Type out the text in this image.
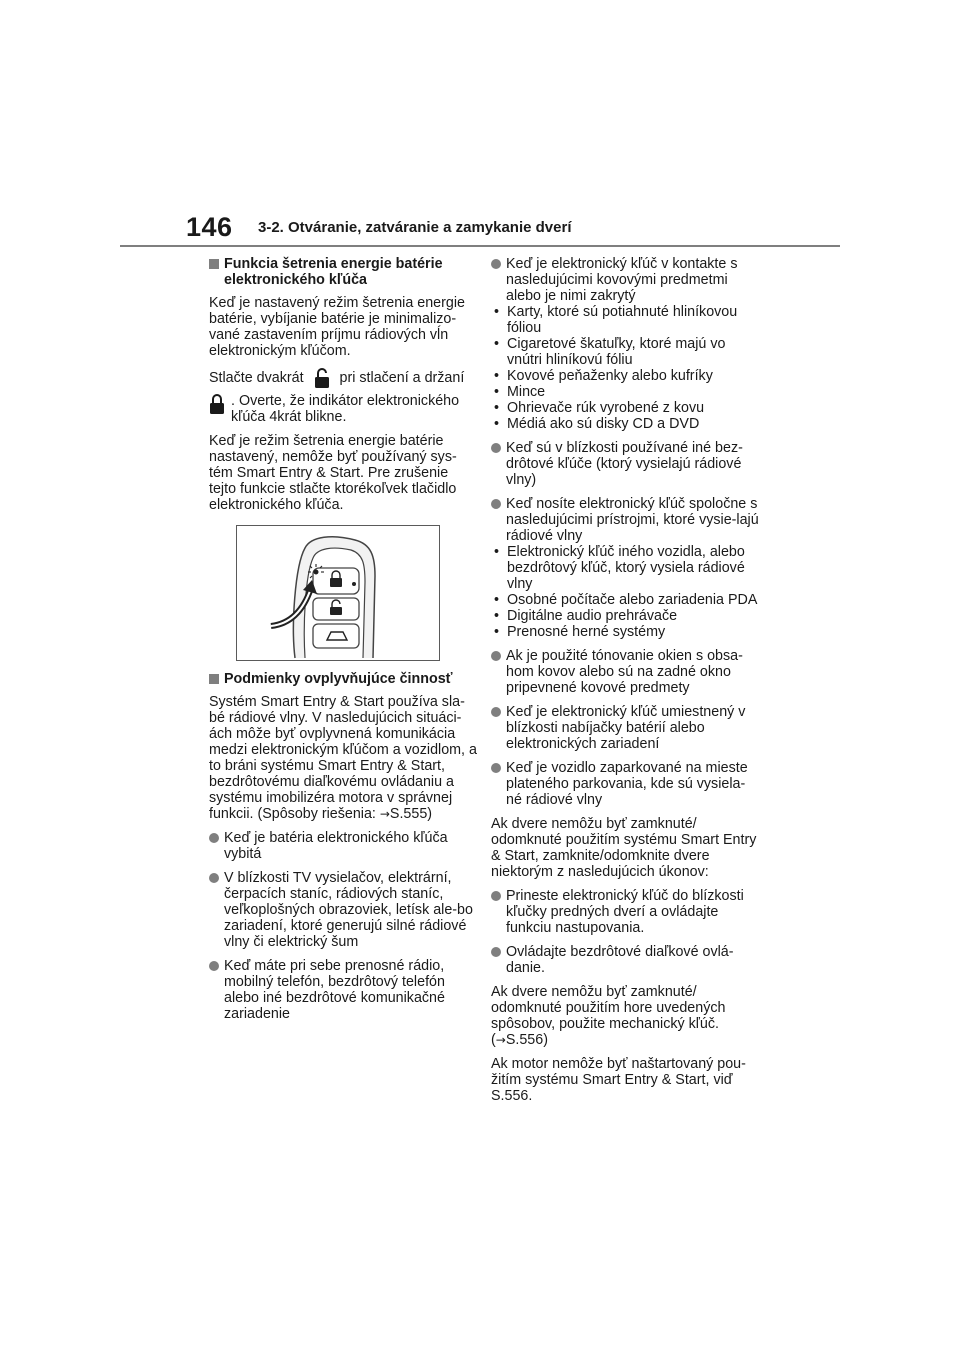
146 3-2. Otváranie, zatváranie a zamykanie dverí
Funkcia šetrenia energie batérie elektronického kľúča

Keď je nastavený režim šetrenia energie batérie, vybíjanie batérie je minimalizo-vané zastavením príjmu rádiových vĺn elektronickým kľúčom.

Stlačte dvakrát	pri stlačení a držaní

. Overte, že indikátor elektronického kľúča 4krát blikne.

Keď je režim šetrenia energie batérie nastavený, nemôže byť používaný sys-tém Smart Entry & Start. Pre zrušenie tejto funkcie stlačte ktorékoľvek tlačidlo elektronického kľúča.

Podmienky ovplyvňujúce činnosť

Systém Smart Entry & Start používa sla-bé rádiové vlny. V nasledujúcich situáci-ách môže byť ovplyvnená komunikácia medzi elektronickým kľúčom a vozidlom, a to bráni systému Smart Entry & Start, bezdrôtovému diaľkovému ovládaniu a systému imobilizéra motora v správnej funkcii. (Spôsoby riešenia: →S.555)

Keď je batéria elektronického kľúča vybitá
V blízkosti TV vysielačov, elektrární, čerpacích staníc, rádiových staníc, veľkoplošných obrazoviek, letísk ale-bo zariadení, ktoré generujú silné rádiové vlny či elektrický šum
Keď máte pri sebe prenosné rádio, mobilný telefón, bezdrôtový telefón alebo iné bezdrôtové komunikačné zariadenie
Keď je elektronický kľúč v kontakte s nasledujúcimi kovovými predmetmi alebo je nimi zakrytý
• Karty, ktoré sú potiahnuté hliníkovou fóliou
• Cigaretové škatuľky, ktoré majú vo vnútri hliníkovú fóliu
• Kovové peňaženky alebo kufríky
• Mince
• Ohrievače rúk vyrobené z kovu
• Médiá ako sú disky CD a DVD
Keď sú v blízkosti používané iné bez-drôtové kľúče (ktorý vysielajú rádiové vlny)
Keď nosíte elektronický kľúč spoločne s nasledujúcimi prístrojmi, ktoré vysie-lajú rádiové vlny
• Elektronický kľúč iného vozidla, alebo bezdrôtový kľúč, ktorý vysiela rádiové vlny
• Osobné počítače alebo zariadenia PDA
• Digitálne audio prehrávače
• Prenosné herné systémy
Ak je použité tónovanie okien s obsa-hom kovov alebo sú na zadné okno pripevnené kovové predmety
Keď je elektronický kľúč umiestnený v blízkosti nabíjačky batérií alebo elektronických zariadení
Keď je vozidlo zaparkované na mieste plateného parkovania, kde sú vysiela-né rádiové vlny

Ak dvere nemôžu byť zamknuté/ odomknuté použitím systému Smart Entry & Start, zamknite/odomknite dvere niektorým z nasledujúcich úkonov:

Prineste elektronický kľúč do blízkosti kľučky predných dverí a ovládajte funkciu nastupovania.
Ovládajte bezdrôtové diaľkové ovlá-danie.

Ak dvere nemôžu byť zamknuté/ odomknuté použitím hore uvedených spôsobov, použite mechanický kľúč. (→S.556)

Ak motor nemôže byť naštartovaný pou-žitím systému Smart Entry & Start, viď S.556.
